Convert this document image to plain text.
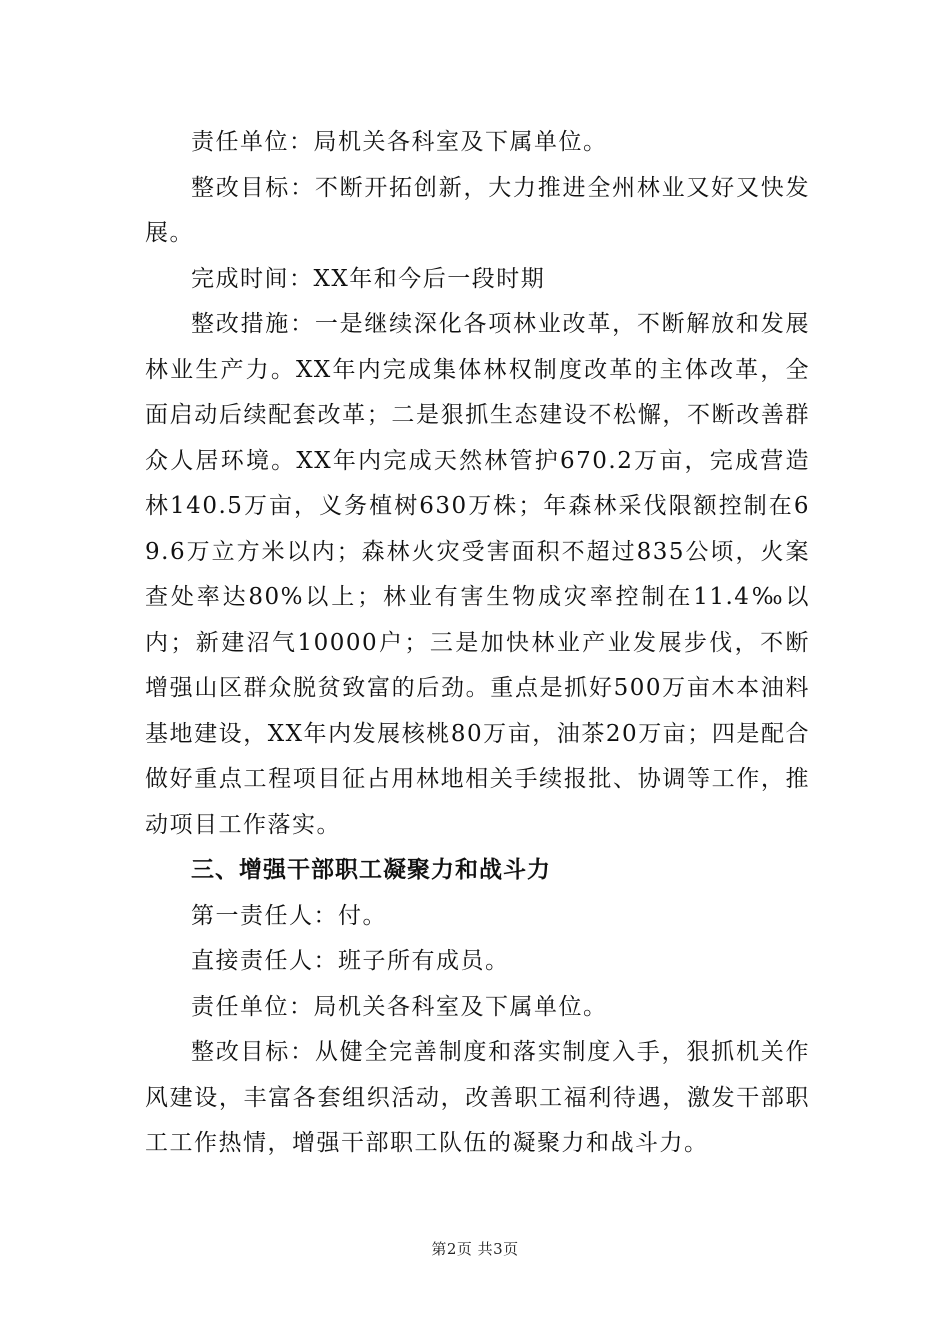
责任单位：局机关各科室及下属单位。

整改目标：不断开拓创新，大力推进全州林业又好又快发展。

完成时间：XX年和今后一段时期

整改措施：一是继续深化各项林业改革，不断解放和发展林业生产力。XX年内完成集体林权制度改革的主体改革，全面启动后续配套改革；二是狠抓生态建设不松懈，不断改善群众人居环境。XX年内完成天然林管护670.2万亩，完成营造林140.5万亩，义务植树630万株；年森林采伐限额控制在69.6万立方米以内；森林火灾受害面积不超过835公顷，火案查处率达80%以上；林业有害生物成灾率控制在11.4‰以内；新建沼气10000户；三是加快林业产业发展步伐，不断增强山区群众脱贫致富的后劲。重点是抓好500万亩木本油料基地建设，XX年内发展核桃80万亩，油茶20万亩；四是配合做好重点工程项目征占用林地相关手续报批、协调等工作，推动项目工作落实。

三、增强干部职工凝聚力和战斗力

第一责任人：付。

直接责任人：班子所有成员。

责任单位：局机关各科室及下属单位。

整改目标：从健全完善制度和落实制度入手，狠抓机关作风建设，丰富各套组织活动，改善职工福利待遇，激发干部职工工作热情，增强干部职工队伍的凝聚力和战斗力。

第2页 共3页
